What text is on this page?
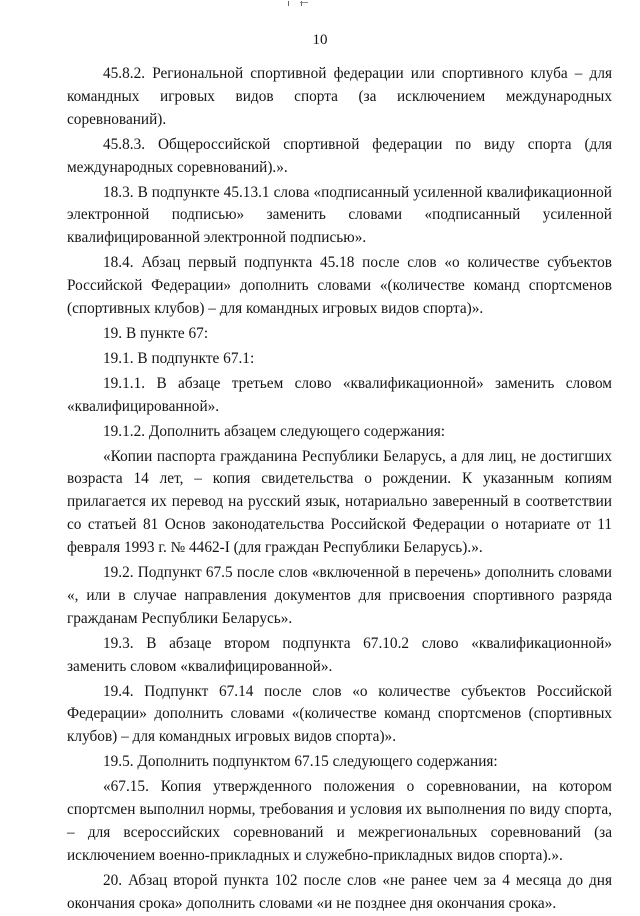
10

45.8.2. Региональной спортивной федерации или спортивного клуба – для командных игровых видов спорта (за исключением международных соревнований).

45.8.3. Общероссийской спортивной федерации по виду спорта (для международных соревнований).».

18.3. В подпункте 45.13.1 слова «подписанный усиленной квалификационной электронной подписью» заменить словами «подписанный усиленной квалифицированной электронной подписью».

18.4. Абзац первый подпункта 45.18 после слов «о количестве субъектов Российской Федерации» дополнить словами «(количестве команд спортсменов (спортивных клубов) – для командных игровых видов спорта)».

19. В пункте 67:

19.1. В подпункте 67.1:

19.1.1. В абзаце третьем слово «квалификационной» заменить словом «квалифицированной».

19.1.2. Дополнить абзацем следующего содержания:

«Копии паспорта гражданина Республики Беларусь, а для лиц, не достигших возраста 14 лет, – копия свидетельства о рождении. К указанным копиям прилагается их перевод на русский язык, нотариально заверенный в соответствии со статьей 81 Основ законодательства Российской Федерации о нотариате от 11 февраля 1993 г. № 4462-I (для граждан Республики Беларусь).».

19.2. Подпункт 67.5 после слов «включенной в перечень» дополнить словами «, или в случае направления документов для присвоения спортивного разряда гражданам Республики Беларусь».

19.3. В абзаце втором подпункта 67.10.2 слово «квалификационной» заменить словом «квалифицированной».

19.4. Подпункт 67.14 после слов «о количестве субъектов Российской Федерации» дополнить словами «(количестве команд спортсменов (спортивных клубов) – для командных игровых видов спорта)».

19.5. Дополнить подпунктом 67.15 следующего содержания:

«67.15. Копия утвержденного положения о соревновании, на котором спортсмен выполнил нормы, требования и условия их выполнения по виду спорта, – для всероссийских соревнований и межрегиональных соревнований (за исключением военно-прикладных и служебно-прикладных видов спорта).».

20. Абзац второй пункта 102 после слов «не ранее чем за 4 месяца до дня окончания срока» дополнить словами «и не позднее дня окончания срока».
